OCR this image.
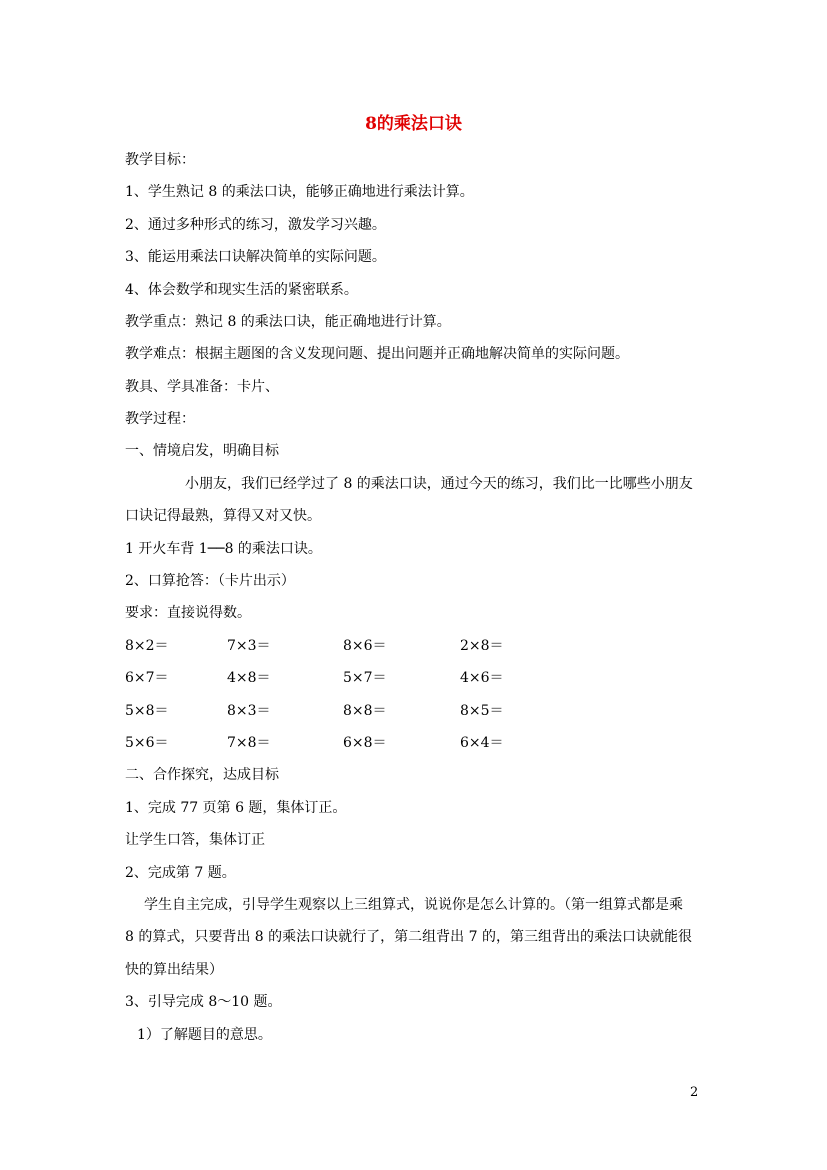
8的乘法口诀
教学目标：
1、学生熟记 8 的乘法口诀，能够正确地进行乘法计算。
2、通过多种形式的练习，激发学习兴趣。
3、能运用乘法口诀解决简单的实际问题。
4、体会数学和现实生活的紧密联系。
教学重点：熟记 8 的乘法口诀，能正确地进行计算。
教学难点：根据主题图的含义发现问题、提出问题并正确地解决简单的实际问题。
教具、学具准备：卡片、
教学过程：
一、情境启发，明确目标
小朋友，我们已经学过了 8 的乘法口诀，通过今天的练习，我们比一比哪些小朋友
口诀记得最熟，算得又对又快。
1 开火车背 1──8 的乘法口诀。
2、口算抢答：（卡片出示）
要求：直接说得数。
8×2＝	7×3＝	8×6＝	2×8＝
6×7＝	4×8＝	5×7＝	4×6＝
5×8＝	8×3＝	8×8＝	8×5＝
5×6＝	7×8＝	6×8＝	6×4＝
二、合作探究，达成目标
1、完成 77 页第 6 题，集体订正。
让学生口答，集体订正
2、完成第 7 题。
学生自主完成，引导学生观察以上三组算式，说说你是怎么计算的。（第一组算式都是乘
8 的算式，只要背出 8 的乘法口诀就行了，第二组背出 7 的，第三组背出的乘法口诀就能很
快的算出结果）
3、引导完成 8～10 题。
1）了解题目的意思。
2
